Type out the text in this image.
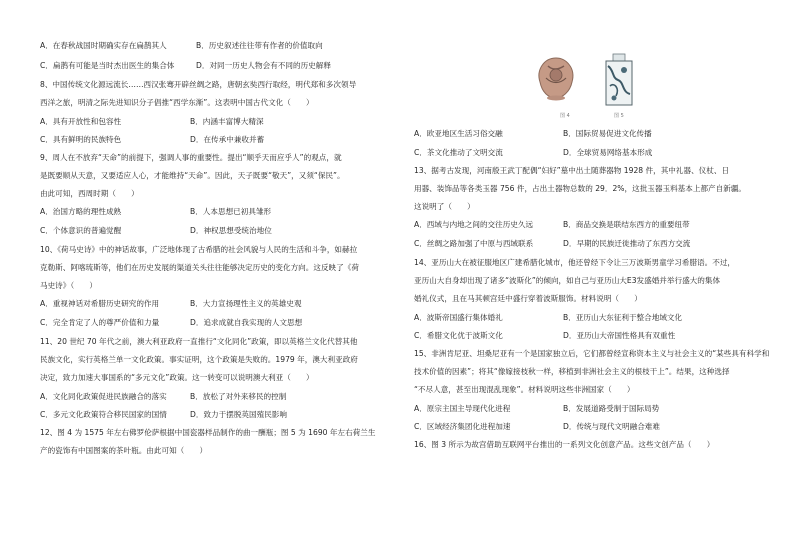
A．在春秋战国时期确实存在扁鹊其人	B．历史叙述往往带有作者的价值取向
C．扁鹊有可能是当时杰出医生的集合体	D．对同一历史人物会有不同的历史解释
8、中国传统文化源远流长……西汉张骞开辟丝绸之路，唐朝玄奘西行取经，明代郑和多次领导
西洋之旅，明清之际先进知识分子倡推“西学东渐”。这表明中国古代文化（　　）
A．具有开放性和包容性	B．内涵丰富博大精深
C．具有鲜明的民族特色	D．在传承中兼收并蓄
9、周人在不放弃“天命”的前提下，强调人事的重要性。提出“顺乎天而应乎人”的观点，就
是既要顺从天意，又要适应人心，才能维持“天命”。因此，天子既要“敬天”，又须“保民”。
由此可知，西周时期（　　）
A．治国方略的理性成熟	B．人本思想已初具雏形
C．个体意识的普遍觉醒	D．神权思想受统治地位
10、《荷马史诗》中的神话故事，广泛地体现了古希腊的社会风貌与人民的生活和斗争，如赫拉
克勒斯、阿喀琉斯等，他们在历史发展的渠道关头往往能够决定历史的变化方向。这反映了《荷
马史诗》（　　）
A．重视神话对希腊历史研究的作用	B．大力宣扬理性主义的英雄史观
C．完全肯定了人的尊严价值和力量	D．追求成就自我实现的人文思想
11、20 世纪 70 年代之前，澳大利亚政府一直推行“文化同化”政策，即以英格兰文化代替其他
民族文化，实行英格兰单一文化政策。事实证明，这个政策是失败的。1979 年，澳大利亚政府
决定，致力加速大事国系的“多元文化”政策。这一转变可以说明澳大利亚（　　）
A．文化同化政策促进民族融合的落实	B．放松了对外来移民的控制
C．多元文化政策符合移民国家的国情	D．致力于摆脱英国殖民影响
12、图 4 为 1575 年左右佛罗伦萨根据中国瓷器样品制作的曲一酬瓶；图 5 为 1690 年左右荷兰生
产的瓷饰有中国图案的茶叶瓶。由此可知（　　）
图 4	图 5
A．欧亚地区生活习俗交融	B．国际贸易促进文化传播
C．茶文化推动了文明交流	D．全球贸易网络基本形成
13、据考古发现，河南殷王武丁配偶“妇好”墓中出土随葬器物 1928 件，其中礼器、仪杖、日
用器、装饰品等各类玉器 756 件，占出土器物总数的 29．2%，这批玉器玉料基本上都产自新疆。
这说明了（　　）
A．西域与内地之间的交往历史久远	B．商品交换是联结东西方的重要纽带
C．丝绸之路加强了中原与西域联系	D．早期的民族迁徙推动了东西方交流
14、亚历山大在被征服地区广建希腊化城市，他还曾经下令让三万波斯男童学习希腊语。不过，
亚历山大自身却出现了诸多“波斯化”的倾向，如自己与亚历山大E3发盛婚并举行盛大的集体
婚礼仪式，且在马其顿宫廷中盛行穿着波斯服饰。材料说明（　　）
A．波斯帝国盛行集体婚礼	B．亚历山大东征利于整合地域文化
C．希腊文化优于波斯文化	D．亚历山大帝国性格具有双重性
15、非洲肯尼亚、坦桑尼亚有一个是国家独立后，它们都曾经宣称资本主义与社会主义的“某些具有科学和
技术价值的因素”；将其“像嫁接枝秋一样，移植到非洲社会主义的根枝干上”。结果，这种选择
“不尽人意，甚至出现混乱现象”。材料说明这些非洲国家（　　）
A．原宗主国主导现代化进程	B．发展道路受制于国际局势
C．区域经济集团化进程加速	D．传统与现代文明融合难难
16、图 3 所示为故宫借助互联网平台推出的一系列文化创意产品。这些文创产品（　　）
